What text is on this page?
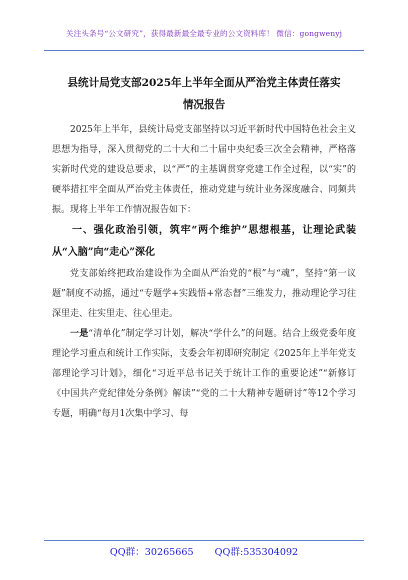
关注头条号“公文研究”，获得最新最全最专业的公文资料库！ 微信：gongwenyj
县统计局党支部2025年上半年全面从严治党主体责任落实
情况报告

2025年上半年，县统计局党支部坚持以习近平新时代中国特色社会主义思想为指导，深入贯彻党的二十大和二十届中央纪委三次全会精神，严格落实新时代党的建设总要求，以“严”的主基调贯穿党建工作全过程，以“实”的硬举措扛牢全面从严治党主体责任，推动党建与统计业务深度融合、同频共振。现将上半年工作情况报告如下：

一、强化政治引领，筑牢“两个维护”思想根基，让理论武装从“入脑”向“走心”深化

党支部始终把政治建设作为全面从严治党的“根”与“魂”，坚持“第一议题”制度不动摇，通过“专题学+实践悟+常态督”三维发力，推动理论学习往深里走、往实里走、往心里走。

一是“清单化”制定学习计划，解决“学什么”的问题。结合上级党委年度理论学习重点和统计工作实际，支委会年初即研究制定《2025年上半年党支部理论学习计划》，细化“习近平总书记关于统计工作的重要论述”“新修订《中国共产党纪律处分条例》解读”“党的二十大精神专题研讨”等12个学习专题，明确“每月1次集中学习、每

QQ群：30265665 QQ群:535304092
